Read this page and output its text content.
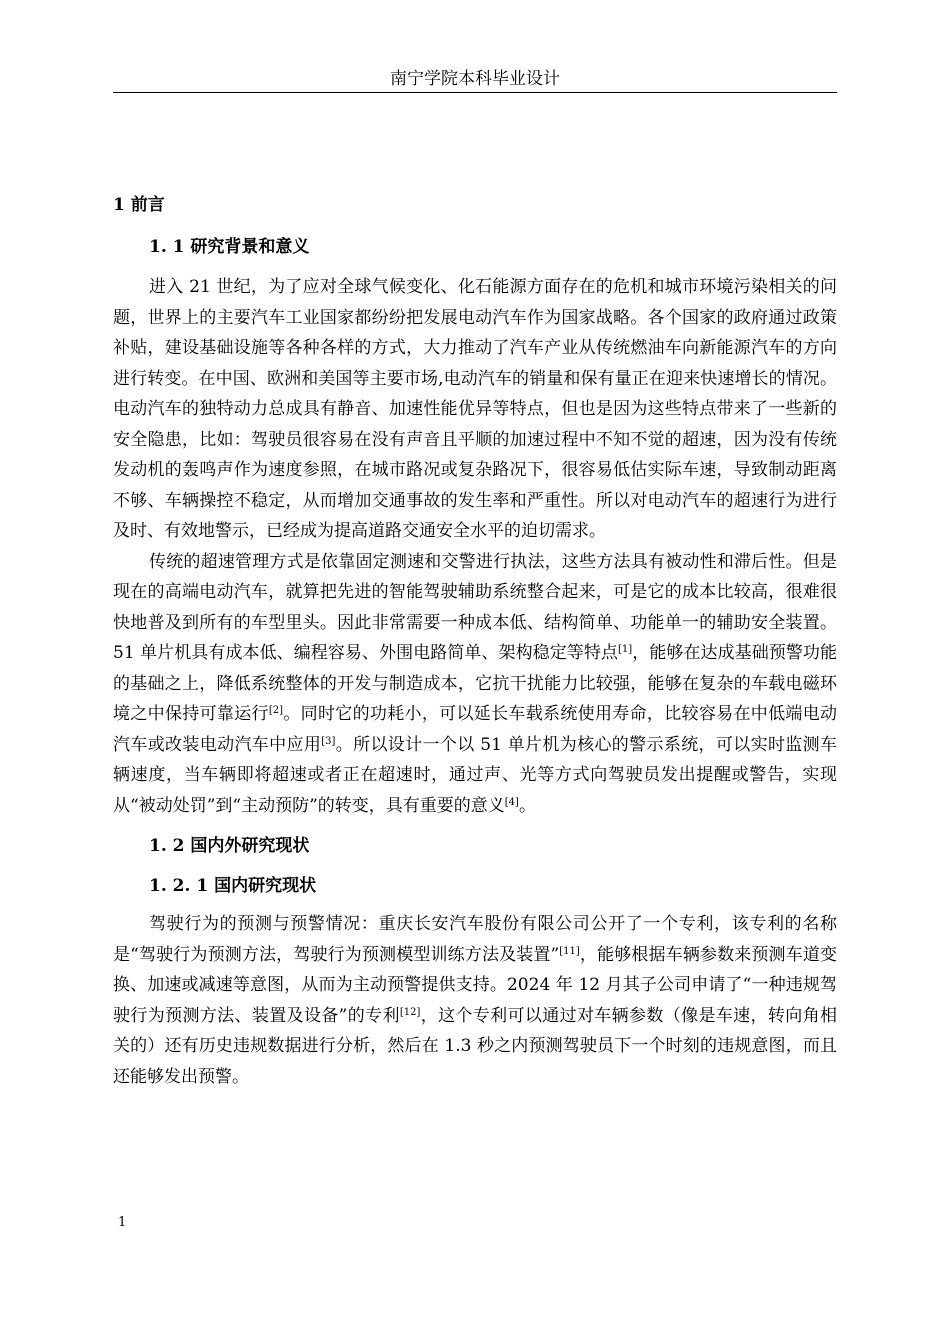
南宁学院本科毕业设计
1 前言
1. 1 研究背景和意义

进入 21 世纪，为了应对全球气候变化、化石能源方面存在的危机和城市环境污染相关的问题，世界上的主要汽车工业国家都纷纷把发展电动汽车作为国家战略。各个国家的政府通过政策补贴，建设基础设施等各种各样的方式，大力推动了汽车产业从传统燃油车向新能源汽车的方向进行转变。在中国、欧洲和美国等主要市场,电动汽车的销量和保有量正在迎来快速增长的情况。电动汽车的独特动力总成具有静音、加速性能优异等特点，但也是因为这些特点带来了一些新的安全隐患，比如：驾驶员很容易在没有声音且平顺的加速过程中不知不觉的超速，因为没有传统发动机的轰鸣声作为速度参照，在城市路况或复杂路况下，很容易低估实际车速，导致制动距离不够、车辆操控不稳定，从而增加交通事故的发生率和严重性。所以对电动汽车的超速行为进行及时、有效地警示，已经成为提高道路交通安全水平的迫切需求。

传统的超速管理方式是依靠固定测速和交警进行执法，这些方法具有被动性和滞后性。但是现在的高端电动汽车，就算把先进的智能驾驶辅助系统整合起来，可是它的成本比较高，很难很快地普及到所有的车型里头。因此非常需要一种成本低、结构简单、功能单一的辅助安全装置。51 单片机具有成本低、编程容易、外围电路简单、架构稳定等特点[1]，能够在达成基础预警功能的基础之上，降低系统整体的开发与制造成本，它抗干扰能力比较强，能够在复杂的车载电磁环境之中保持可靠运行[2]。同时它的功耗小，可以延长车载系统使用寿命，比较容易在中低端电动汽车或改装电动汽车中应用[3]。所以设计一个以 51 单片机为核心的警示系统，可以实时监测车辆速度，当车辆即将超速或者正在超速时，通过声、光等方式向驾驶员发出提醒或警告，实现从“被动处罚”到“主动预防”的转变，具有重要的意义[4]。

1. 2 国内外研究现状
1. 2. 1 国内研究现状

驾驶行为的预测与预警情况：重庆长安汽车股份有限公司公开了一个专利，该专利的名称是“驾驶行为预测方法，驾驶行为预测模型训练方法及装置”[11]，能够根据车辆参数来预测车道变换、加速或减速等意图，从而为主动预警提供支持。2024 年 12 月其子公司申请了“一种违规驾驶行为预测方法、装置及设备”的专利[12]，这个专利可以通过对车辆参数（像是车速，转向角相关的）还有历史违规数据进行分析，然后在 1.3 秒之内预测驾驶员下一个时刻的违规意图，而且还能够发出预警。

1
